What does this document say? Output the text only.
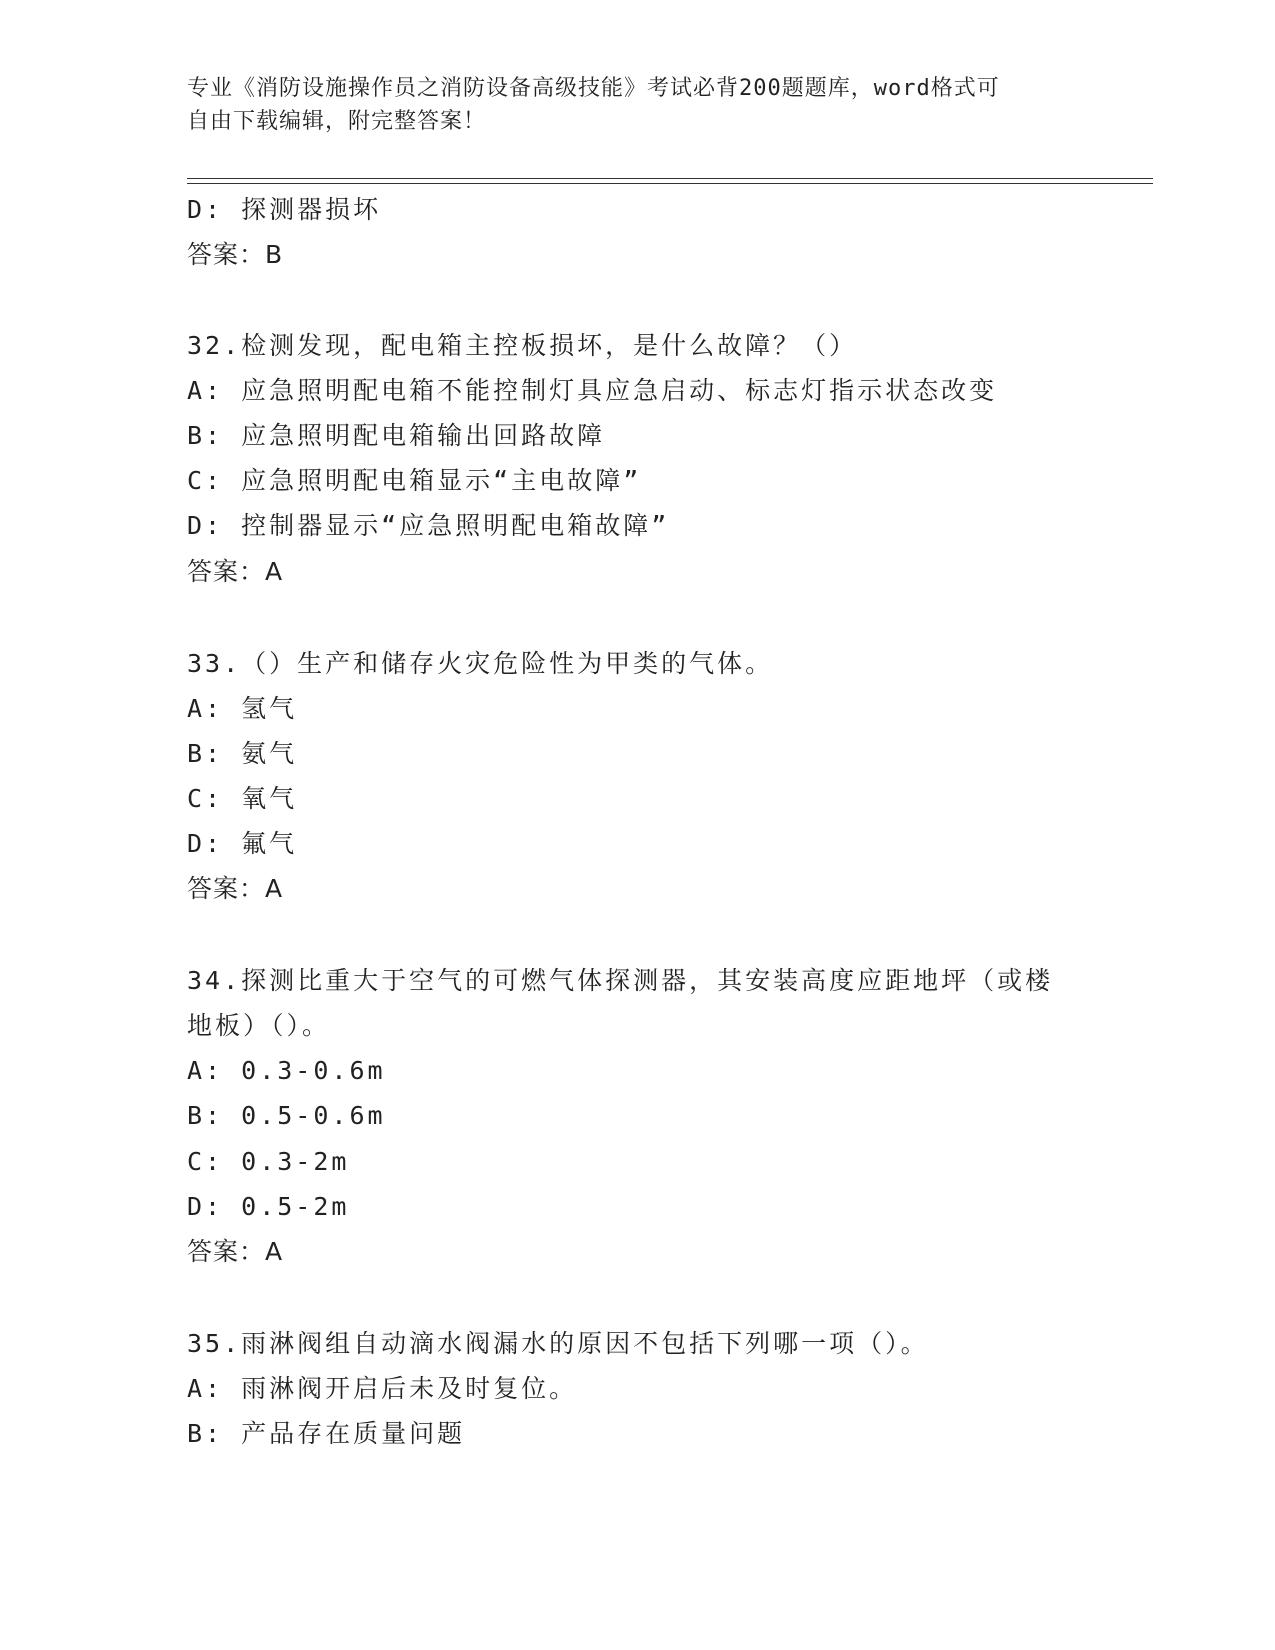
专业《消防设施操作员之消防设备高级技能》考试必背200题题库，word格式可
自由下载编辑，附完整答案！
D: 探测器损坏
答案：B
32.检测发现，配电箱主控板损坏，是什么故障？（）
A: 应急照明配电箱不能控制灯具应急启动、标志灯指示状态改变
B: 应急照明配电箱输出回路故障
C: 应急照明配电箱显示“主电故障”
D: 控制器显示“应急照明配电箱故障”
答案：A
33.（）生产和储存火灾危险性为甲类的气体。
A: 氢气
B: 氨气
C: 氧气
D: 氟气
答案：A
34.探测比重大于空气的可燃气体探测器，其安装高度应距地坪（或楼
地板）（）。
A: 0.3-0.6m
B: 0.5-0.6m
C: 0.3-2m
D: 0.5-2m
答案：A
35.雨淋阀组自动滴水阀漏水的原因不包括下列哪一项（）。
A: 雨淋阀开启后未及时复位。
B: 产品存在质量问题
